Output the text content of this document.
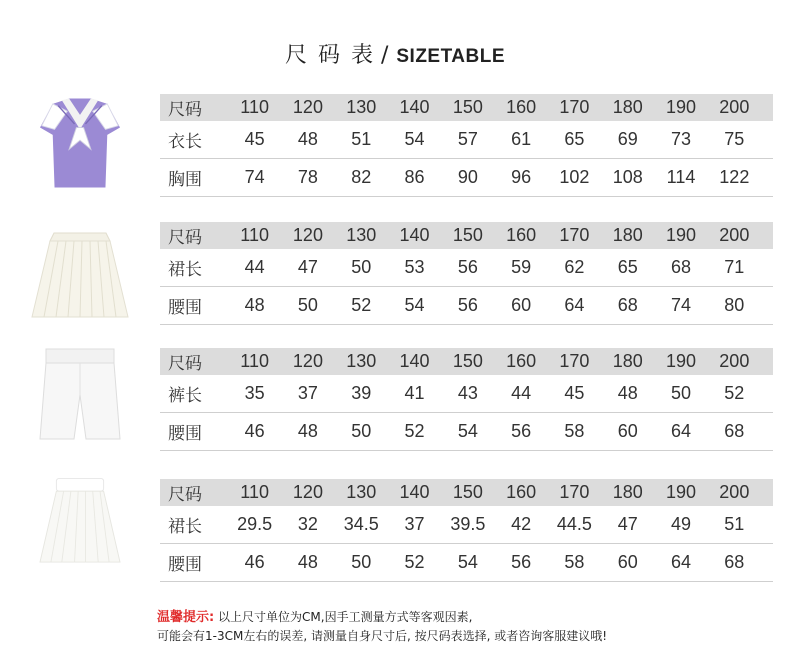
尺 码 表 / SIZETABLE
尺码	110	120	130	140	150	160	170	180	190	200
衣长	45	48	51	54	57	61	65	69	73	75
胸围	74	78	82	86	90	96	102	108	114	122
尺码	110	120	130	140	150	160	170	180	190	200
裙长	44	47	50	53	56	59	62	65	68	71
腰围	48	50	52	54	56	60	64	68	74	80
尺码	110	120	130	140	150	160	170	180	190	200
裤长	35	37	39	41	43	44	45	48	50	52
腰围	46	48	50	52	54	56	58	60	64	68
尺码	110	120	130	140	150	160	170	180	190	200
裙长	29.5	32	34.5	37	39.5	42	44.5	47	49	51
腰围	46	48	50	52	54	56	58	60	64	68
温馨提示: 以上尺寸单位为CM,因手工测量方式等客观因素,
可能会有1-3CM左右的误差, 请测量自身尺寸后, 按尺码表选择, 或者咨询客服建议哦!
